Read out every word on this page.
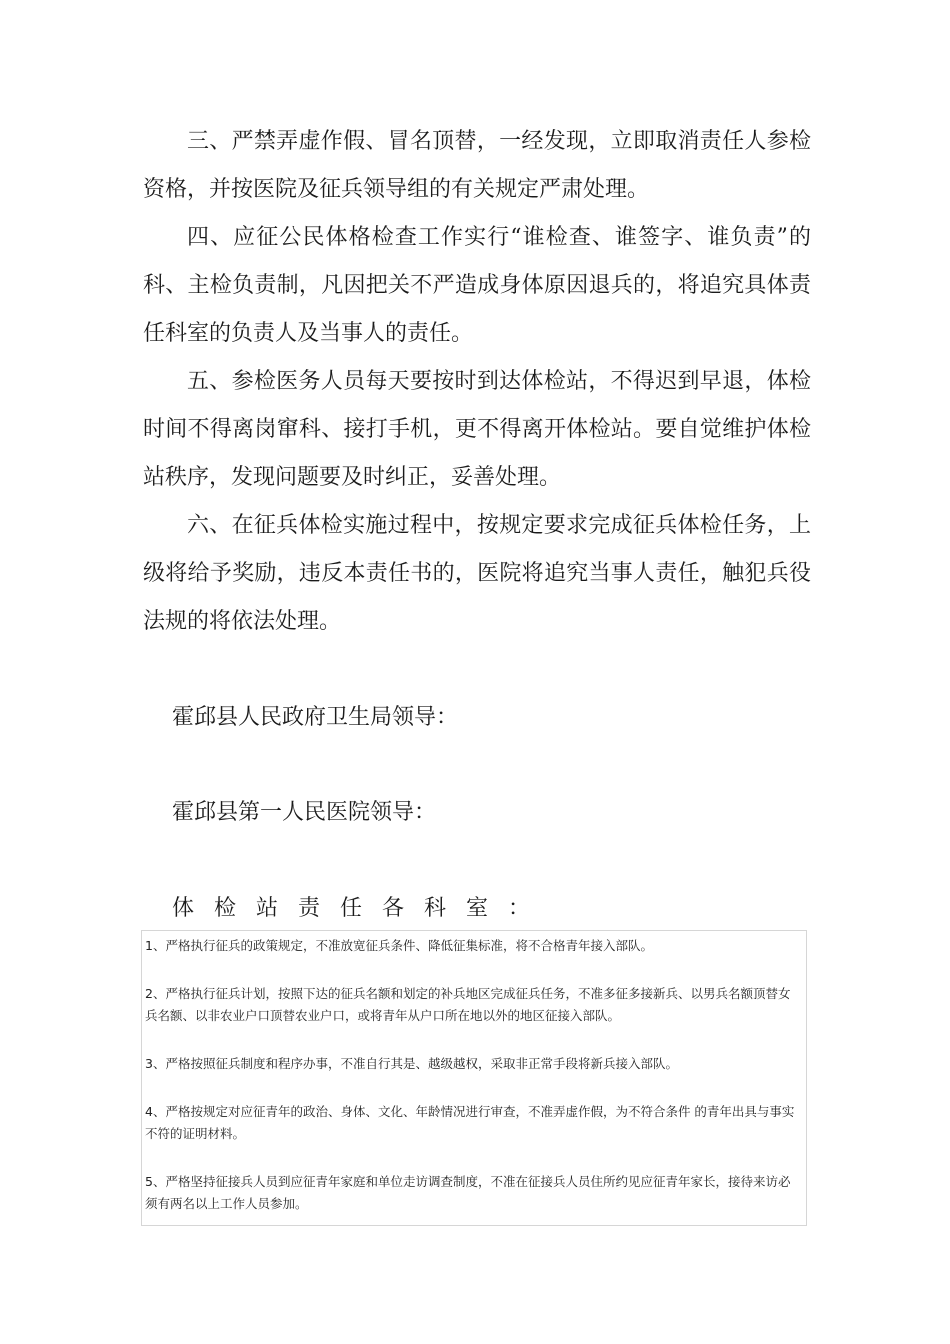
三、严禁弄虚作假、冒名顶替，一经发现，立即取消责任人参检资格，并按医院及征兵领导组的有关规定严肃处理。

四、应征公民体格检查工作实行“谁检查、谁签字、谁负责”的科、主检负责制，凡因把关不严造成身体原因退兵的，将追究具体责任科室的负责人及当事人的责任。

五、参检医务人员每天要按时到达体检站，不得迟到早退，体检时间不得离岗窜科、接打手机，更不得离开体检站。要自觉维护体检站秩序，发现问题要及时纠正，妥善处理。

六、在征兵体检实施过程中，按规定要求完成征兵体检任务，上级将给予奖励，违反本责任书的，医院将追究当事人责任，触犯兵役法规的将依法处理。

霍邱县人民政府卫生局领导：

霍邱县第一人民医院领导：

体检站责任各科室：

1、严格执行征兵的政策规定，不准放宽征兵条件、降低征集标准，将不合格青年接入部队。

2、严格执行征兵计划，按照下达的征兵名额和划定的补兵地区完成征兵任务，不准多征多接新兵、以男兵名额顶替女兵名额、以非农业户口顶替农业户口，或将青年从户口所在地以外的地区征接入部队。

3、严格按照征兵制度和程序办事，不准自行其是、越级越权，采取非正常手段将新兵接入部队。

4、严格按规定对应征青年的政治、身体、文化、年龄情况进行审查，不准弄虚作假，为不符合条件 的青年出具与事实不符的证明材料。

5、严格坚持征接兵人员到应征青年家庭和单位走访调查制度，不准在征接兵人员住所约见应征青年家长，接待来访必须有两名以上工作人员参加。
